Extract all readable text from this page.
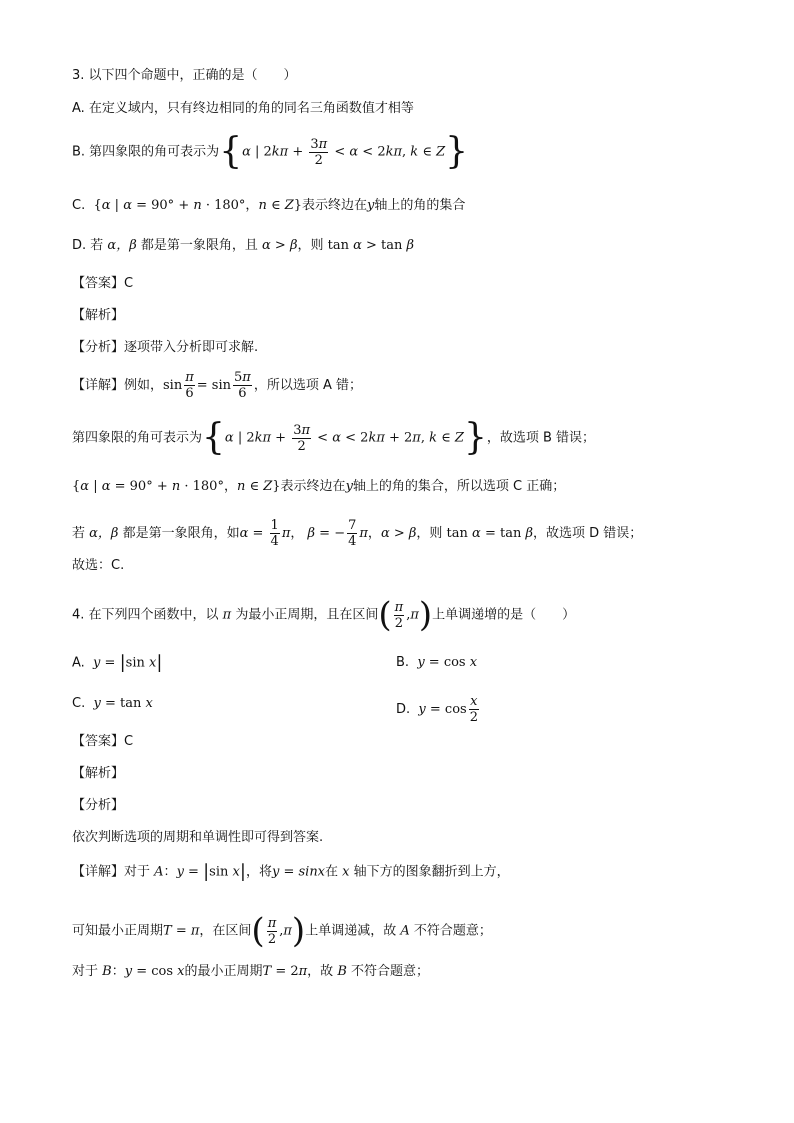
3. 以下四个命题中，正确的是（　　）
A. 在定义域内，只有终边相同的角的同名三角函数值才相等
B. 第四象限的角可表示为{α | $2k\pi + \frac{3\pi}{2} < \alpha < 2k\pi$, k ∈ Z}
C.  {α | α = 90° + n · 180°，n ∈ Z}表示终边在y轴上的角的集合
D. 若 α，β 都是第一象限角，且 α > β，则 tan α > tan β
【答案】C
【解析】
【分析】逐项带入分析即可求解.
【详解】例如，$\sin \frac{\pi}{6} = \sin \frac{5\pi}{6}$ ，所以选项 A 错；
第四象限的角可表示为{α | $2k\pi + \frac{3\pi}{2} < \alpha < 2k\pi + 2\pi$, k ∈ Z}，故选项 B 错误；
{α | α = 90° + n · 180°，n ∈ Z}表示终边在y轴上的角的集合，所以选项 C 正确；
若 α，β 都是第一象限角，如$\alpha = \frac{1}{4}$ π， β = − $\frac{7}{4}$ π，α > β，则 tan α = tan β，故选项 D 错误；
故选：C.
4. 在下列四个函数中，以 π 为最小正周期，且在区间( $\frac{\pi}{2} ,\pi$)上单调递增的是（　　）
A.  y = |sin x|	B.  y = cos x
C.  y = tan x	D.  $y = \cos \frac{x}{2}$
【答案】C
【解析】
【分析】
依次判断选项的周期和单调性即可得到答案.
【详解】对于 A：y = |sin x|，将y = sinx在 x 轴下方的图象翻折到上方，
可知最小正周期T = π，在区间( $\frac{\pi}{2} ,\pi$)上单调递减，故 A 不符合题意；
对于 B：y = cos x的最小正周期T = 2π，故 B 不符合题意；
